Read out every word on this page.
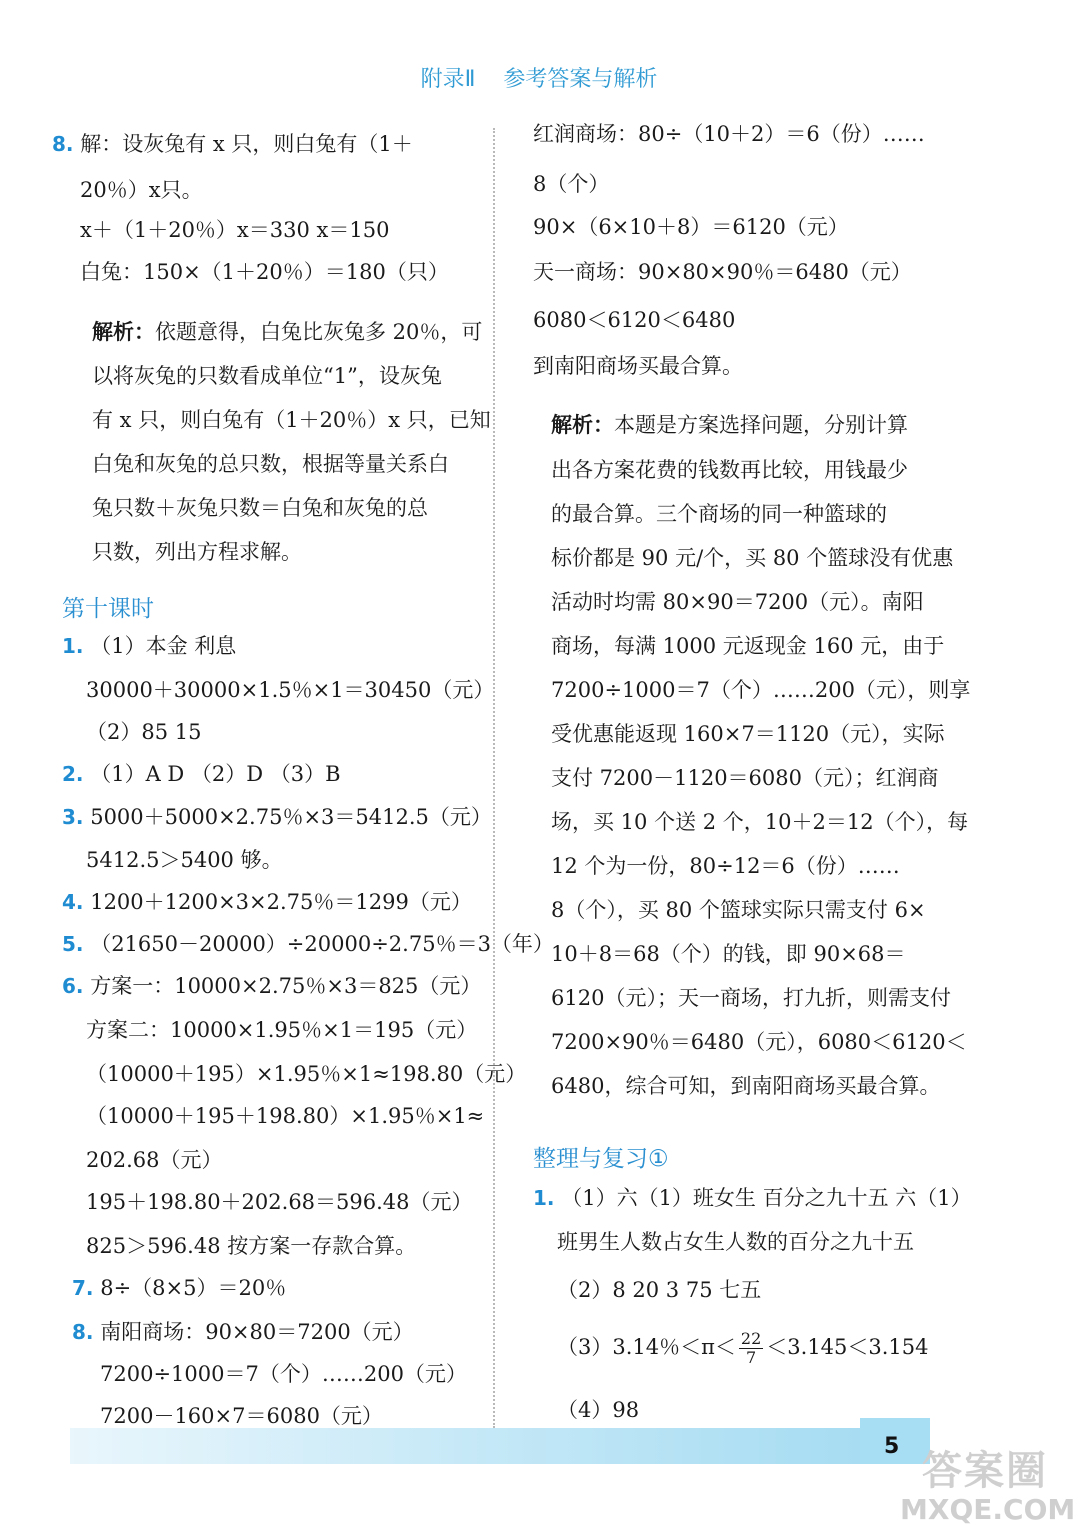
附录Ⅱ 参考答案与解析
8. 解：设灰兔有 x 只，则白兔有（1＋
20％）x只。
x＋（1＋20％）x＝330 x＝150
白兔：150×（1＋20％）＝180（只）
解析：依题意得，白兔比灰兔多 20％，可
以将灰兔的只数看成单位“1”，设灰兔
有 x 只，则白兔有（1＋20％）x 只，已知
白兔和灰兔的总只数，根据等量关系白
兔只数＋灰兔只数＝白兔和灰兔的总
只数，列出方程求解。
第十课时
1. （1）本金 利息
30000＋30000×1.5％×1＝30450（元）
（2）85 15
2. （1）A D （2）D （3）B
3. 5000＋5000×2.75％×3＝5412.5（元）
5412.5＞5400 够。
4. 1200＋1200×3×2.75％＝1299（元）
5. （21650－20000）÷20000÷2.75％＝3（年）
6. 方案一：10000×2.75％×3＝825（元）
方案二：10000×1.95％×1＝195（元）
（10000＋195）×1.95％×1≈198.80（元）
（10000＋195＋198.80）×1.95％×1≈
202.68（元）
195＋198.80＋202.68＝596.48（元）
825＞596.48 按方案一存款合算。
7. 8÷（8×5）＝20％
8. 南阳商场：90×80＝7200（元）
7200÷1000＝7（个）……200（元）
7200－160×7＝6080（元）
红润商场：80÷（10＋2）＝6（份）……
8（个）
90×（6×10＋8）＝6120（元）
天一商场：90×80×90％＝6480（元）
6080＜6120＜6480
到南阳商场买最合算。
解析：本题是方案选择问题，分别计算
出各方案花费的钱数再比较，用钱最少
的最合算。三个商场的同一种篮球的
标价都是 90 元/个，买 80 个篮球没有优惠
活动时均需 80×90＝7200（元）。南阳
商场，每满 1000 元返现金 160 元，由于
7200÷1000＝7（个）……200（元），则享
受优惠能返现 160×7＝1120（元），实际
支付 7200－1120＝6080（元）；红润商
场，买 10 个送 2 个，10＋2＝12（个），每
12 个为一份，80÷12＝6（份）……
8（个），买 80 个篮球实际只需支付 6×
10＋8＝68（个）的钱，即 90×68＝
6120（元）；天一商场，打九折，则需支付
7200×90％＝6480（元），6080＜6120＜
6480，综合可知，到南阳商场买最合算。
整理与复习①
1. （1）六（1）班女生 百分之九十五 六（1）
班男生人数占女生人数的百分之九十五
（2）8 20 3 75 七五
（3）3.14％$<\pi< \frac{22}{7} <3.145<3.154$
（4）98
5
答案圈
MXQE.COM
